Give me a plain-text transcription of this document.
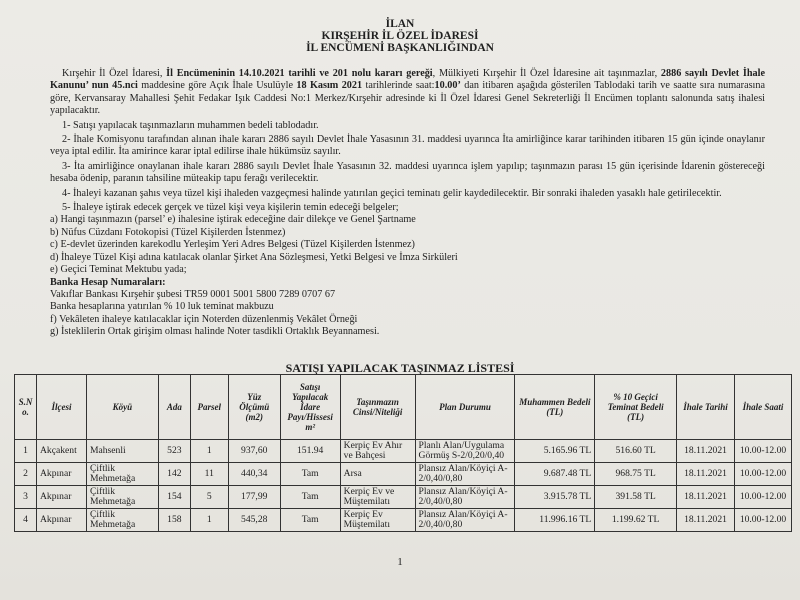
İLAN
KIRŞEHİR İL ÖZEL İDARESİ
İL ENCÜMENİ BAŞKANLIĞINDAN

Kırşehir İl Özel İdaresi, İl Encümeninin 14.10.2021 tarihli ve 201 nolu kararı gereği, Mülkiyeti Kırşehir İl Özel İdaresine ait taşınmazlar, 2886 sayılı Devlet İhale Kanunu’ nun 45.nci maddesine göre Açık İhale Usulüyle 18 Kasım 2021 tarihlerinde saat:10.00’ dan itibaren aşağıda gösterilen Tablodaki tarih ve saatte sıra numarasına göre, Kervansaray Mahallesi Şehit Fedakar Işık Caddesi No:1 Merkez/Kırşehir adresinde ki İl Özel İdaresi Genel Sekreterliği İl Encümen toplantı salonunda satış ihalesi yapılacaktır.

1- Satışı yapılacak taşınmazların muhammen bedeli tablodadır.

2- İhale Komisyonu tarafından alınan ihale kararı 2886 sayılı Devlet İhale Yasasının 31. maddesi uyarınca İta amirliğince karar tarihinden itibaren 15 gün içinde onaylanır veya iptal edilir. İta amirince karar iptal edilirse ihale hükümsüz sayılır.

3- İta amirliğince onaylanan ihale kararı 2886 sayılı Devlet İhale Yasasının 32. maddesi uyarınca işlem yapılıp; taşınmazın parası 15 gün içerisinde İdarenin göstereceği hesaba ödenip, paranın tahsiline müteakip tapu ferağı verilecektir.

4- İhaleyi kazanan şahıs veya tüzel kişi ihaleden vazgeçmesi halinde yatırılan geçici teminatı gelir kaydedilecektir. Bir sonraki ihaleden yasaklı hale getirilecektir.

5- İhaleye iştirak edecek gerçek ve tüzel kişi veya kişilerin temin edeceği belgeler;

a) Hangi taşınmazın (parsel’ e) ihalesine iştirak edeceğine dair dilekçe ve Genel Şartname

b) Nüfus Cüzdanı Fotokopisi (Tüzel Kişilerden İstenmez)

c) E-devlet üzerinden karekodlu Yerleşim Yeri Adres Belgesi (Tüzel Kişilerden İstenmez)

d) İhaleye Tüzel Kişi adına katılacak olanlar Şirket Ana Sözleşmesi, Yetki Belgesi ve İmza Sirküleri

e) Geçici Teminat Mektubu yada;

Banka Hesap Numaraları:

Vakıflar Bankası Kırşehir şubesi TR59 0001 5001 5800 7289 0707 67

Banka hesaplarına yatırılan % 10 luk teminat makbuzu

f) Vekâleten ihaleye katılacaklar için Noterden düzenlenmiş Vekâlet Örneği

g) İsteklilerin Ortak girişim olması halinde Noter tasdikli Ortaklık Beyannamesi.

SATIŞI YAPILACAK TAŞINMAZ LİSTESİ
S.N o.	İlçesi	Köyü	Ada	Parsel	Yüz Ölçümü (m2)	Satışı Yapılacak İdare Payı/Hissesi m²	Taşınmazın Cinsi/Niteliği	Plan Durumu	Muhammen Bedeli (TL)	% 10 Geçici Teminat Bedeli (TL)	İhale Tarihi	İhale Saati
1	Akçakent	Mahsenli	523	1	937,60	151.94	Kerpiç Ev Ahır ve Bahçesi	Planlı Alan/Uygulama Görmüş S-2/0,20/0,40	5.165.96 TL	516.60 TL	18.11.2021	10.00-12.00
2	Akpınar	Çiftlik Mehmetağa	142	11	440,34	Tam	Arsa	Plansız Alan/Köyiçi A-2/0,40/0,80	9.687.48 TL	968.75 TL	18.11.2021	10.00-12.00
3	Akpınar	Çiftlik Mehmetağa	154	5	177,99	Tam	Kerpiç Ev ve Müştemilatı	Plansız Alan/Köyiçi A-2/0,40/0,80	3.915.78 TL	391.58 TL	18.11.2021	10.00-12.00
4	Akpınar	Çiftlik Mehmetağa	158	1	545,28	Tam	Kerpiç Ev Müştemilatı	Plansız Alan/Köyiçi A-2/0,40/0,80	11.996.16 TL	1.199.62 TL	18.11.2021	10.00-12.00
1
